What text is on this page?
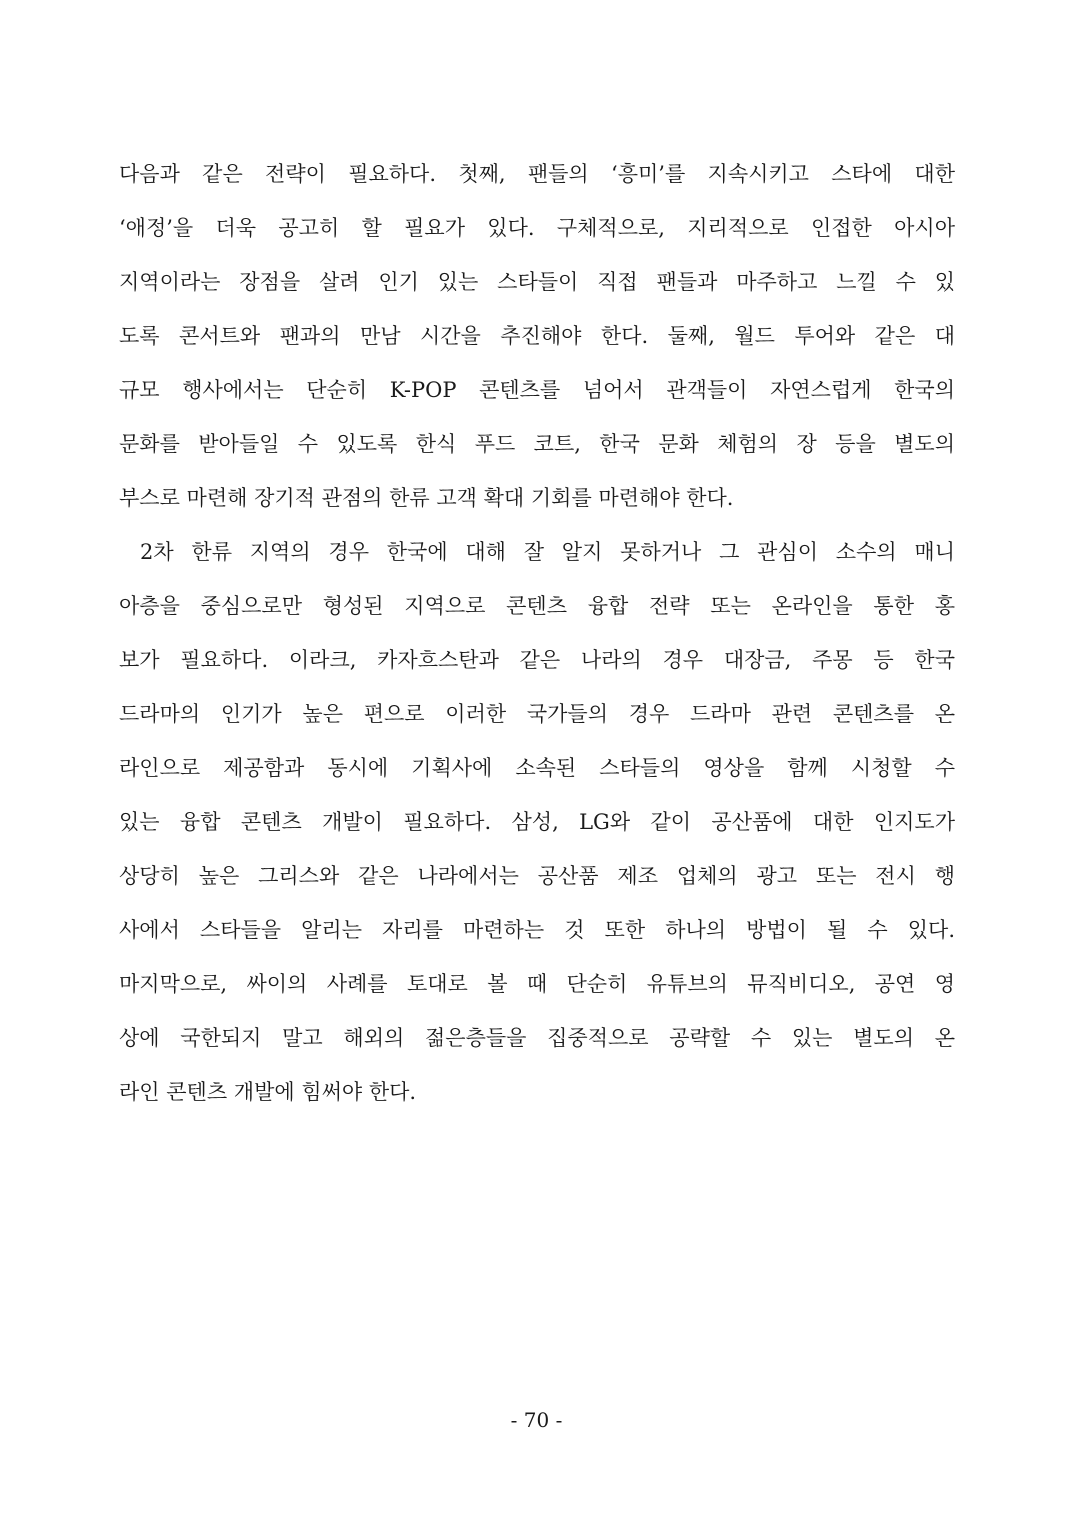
다음과 같은 전략이 필요하다. 첫째, 팬들의 ‘흥미’를 지속시키고 스타에 대한
‘애정’을 더욱 공고히 할 필요가 있다. 구체적으로, 지리적으로 인접한 아시아
지역이라는 장점을 살려 인기 있는 스타들이 직접 팬들과 마주하고 느낄 수 있
도록 콘서트와 팬과의 만남 시간을 추진해야 한다. 둘째, 월드 투어와 같은 대
규모 행사에서는 단순히 K-POP 콘텐츠를 넘어서 관객들이 자연스럽게 한국의
문화를 받아들일 수 있도록 한식 푸드 코트, 한국 문화 체험의 장 등을 별도의
부스로 마련해 장기적 관점의 한류 고객 확대 기회를 마련해야 한다.
2차 한류 지역의 경우 한국에 대해 잘 알지 못하거나 그 관심이 소수의 매니
아층을 중심으로만 형성된 지역으로 콘텐츠 융합 전략 또는 온라인을 통한 홍
보가 필요하다. 이라크, 카자흐스탄과 같은 나라의 경우 대장금, 주몽 등 한국
드라마의 인기가 높은 편으로 이러한 국가들의 경우 드라마 관련 콘텐츠를 온
라인으로 제공함과 동시에 기획사에 소속된 스타들의 영상을 함께 시청할 수
있는 융합 콘텐츠 개발이 필요하다. 삼성, LG와 같이 공산품에 대한 인지도가
상당히 높은 그리스와 같은 나라에서는 공산품 제조 업체의 광고 또는 전시 행
사에서 스타들을 알리는 자리를 마련하는 것 또한 하나의 방법이 될 수 있다.
마지막으로, 싸이의 사례를 토대로 볼 때 단순히 유튜브의 뮤직비디오, 공연 영
상에 국한되지 말고 해외의 젊은층들을 집중적으로 공략할 수 있는 별도의 온
라인 콘텐츠 개발에 힘써야 한다.
- 70 -
